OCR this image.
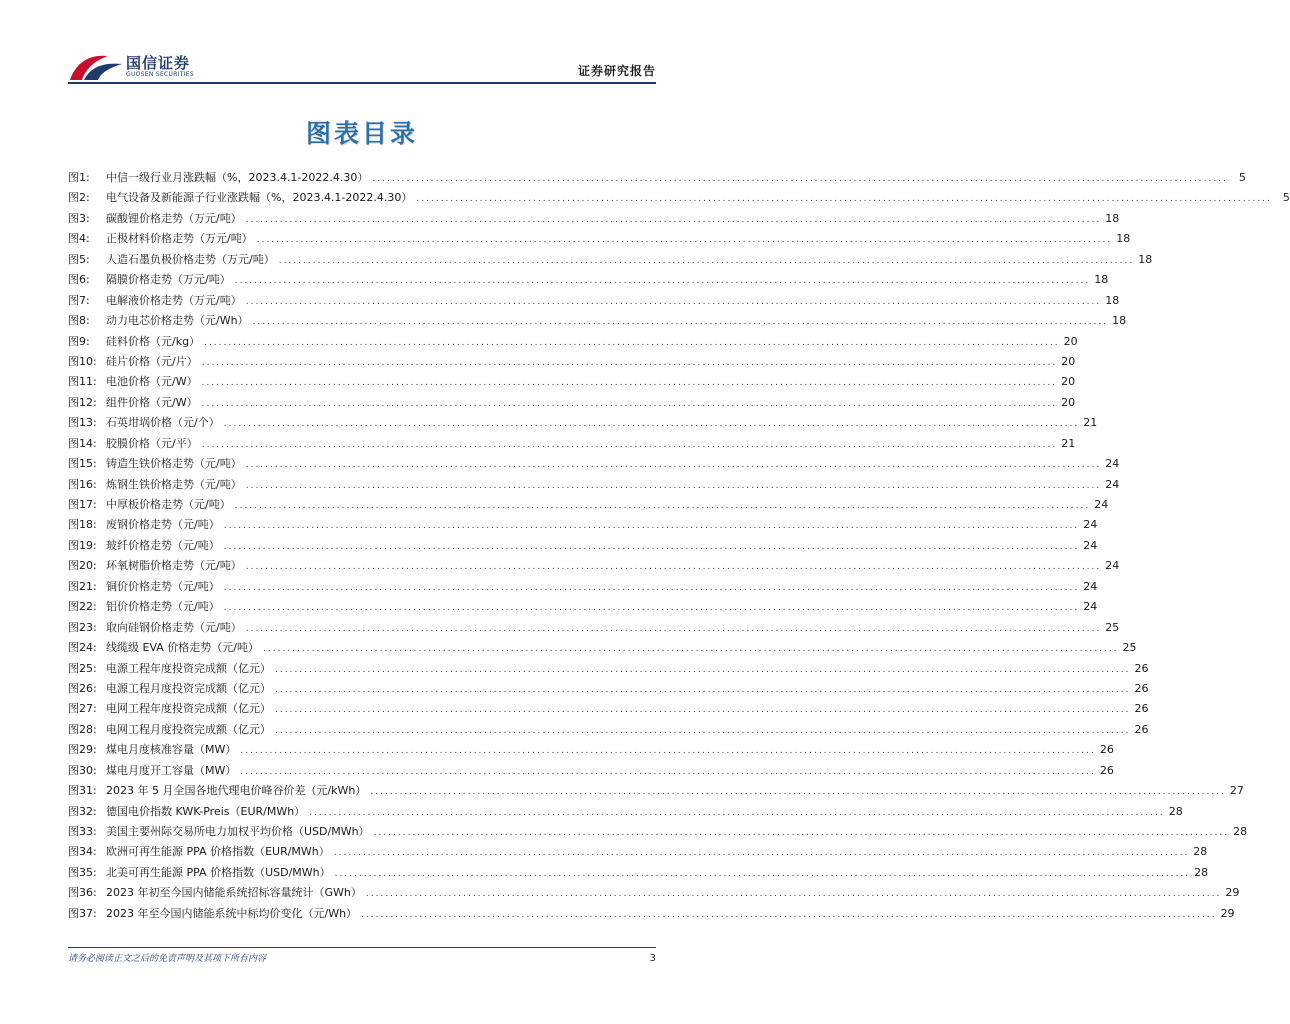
国信证券
GUOSEN SECURITIES	证券研究报告
图表目录
图1:	中信一级行业月涨跌幅（%，2023.4.1-2022.4.30） .....	5
图2:	电气设备及新能源子行业涨跌幅（%，2023.4.1-2022.4.30） .....	5
图3:	碳酸锂价格走势（万元/吨） .....	18
图4:	正极材料价格走势（万元/吨） .....	18
图5:	人造石墨负极价格走势（万元/吨） .....	18
图6:	隔膜价格走势（万元/吨） .....	18
图7:	电解液价格走势（万元/吨） .....	18
图8:	动力电芯价格走势（元/Wh） .....	18
图9:	硅料价格（元/kg） .....	20
图10: 硅片价格（元/片） .....	20
图11: 电池价格（元/W） .....	20
图12: 组件价格（元/W） .....	20
图13: 石英坩埚价格（元/个） .....	21
图14: 胶膜价格（元/平） .....	21
图15: 铸造生铁价格走势（元/吨） .....	24
图16: 炼钢生铁价格走势（元/吨） .....	24
图17: 中厚板价格走势（元/吨） .....	24
图18: 废钢价格走势（元/吨） .....	24
图19: 玻纤价格走势（元/吨） .....	24
图20: 环氧树脂价格走势（元/吨） .....	24
图21: 铜价价格走势（元/吨） .....	24
图22: 铝价价格走势（元/吨） .....	24
图23: 取向硅钢价格走势（元/吨） .....	25
图24: 线缆级 EVA 价格走势（元/吨） .....	25
图25: 电源工程年度投资完成额（亿元） .....	26
图26: 电源工程月度投资完成额（亿元） .....	26
图27: 电网工程年度投资完成额（亿元） .....	26
图28: 电网工程月度投资完成额（亿元） .....	26
图29: 煤电月度核准容量（MW） .....	26
图30: 煤电月度开工容量（MW） .....	26
图31: 2023 年 5 月全国各地代理电价峰谷价差（元/kWh） .....	27
图32: 德国电价指数 KWK-Preis（EUR/MWh） .....	28
图33: 美国主要州际交易所电力加权平均价格（USD/MWh） .....	28
图34: 欧洲可再生能源 PPA 价格指数（EUR/MWh） .....	28
图35: 北美可再生能源 PPA 价格指数（USD/MWh） .....	28
图36: 2023 年初至今国内储能系统招标容量统计（GWh） .....	29
图37: 2023 年至今国内储能系统中标均价变化（元/Wh） .....	29
请务必阅读正文之后的免责声明及其项下所有内容	3
